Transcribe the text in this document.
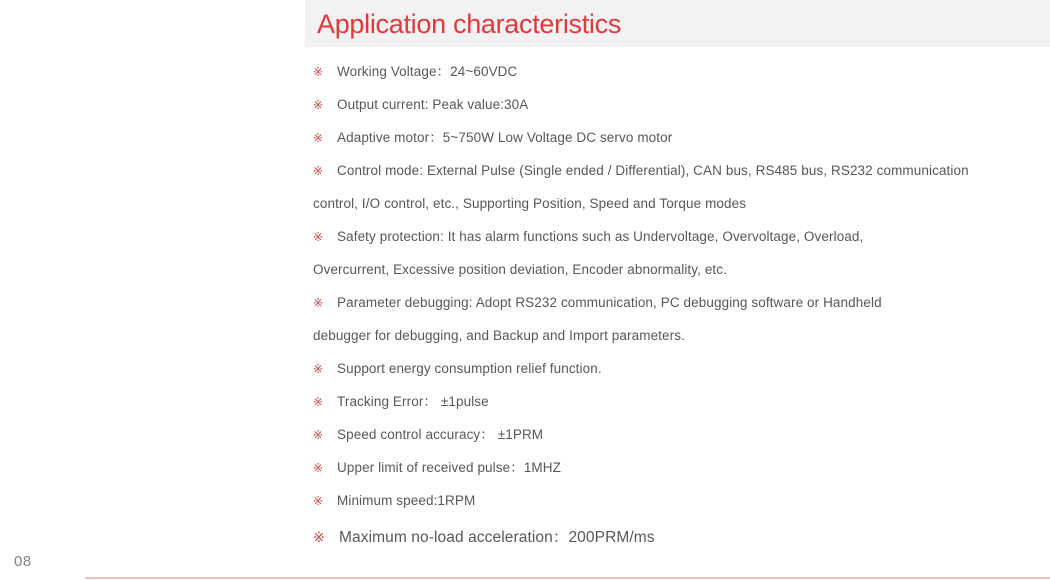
Application characteristics
※ Working Voltage：24~60VDC
※ Output current: Peak value:30A
※ Adaptive motor：5~750W Low Voltage DC servo motor
※ Control mode: External Pulse (Single ended / Differential), CAN bus, RS485 bus, RS232 communication
control, I/O control, etc., Supporting Position, Speed and Torque modes
※ Safety protection: It has alarm functions such as Undervoltage, Overvoltage, Overload,
Overcurrent, Excessive position deviation, Encoder abnormality, etc.
※ Parameter debugging: Adopt RS232 communication, PC debugging software or Handheld
debugger for debugging, and Backup and Import parameters.
※ Support energy consumption relief function.
※ Tracking Error： ±1pulse
※ Speed control accuracy： ±1PRM
※ Upper limit of received pulse：1MHZ
※ Minimum speed:1RPM
※ Maximum no-load acceleration：200PRM/ms
08
